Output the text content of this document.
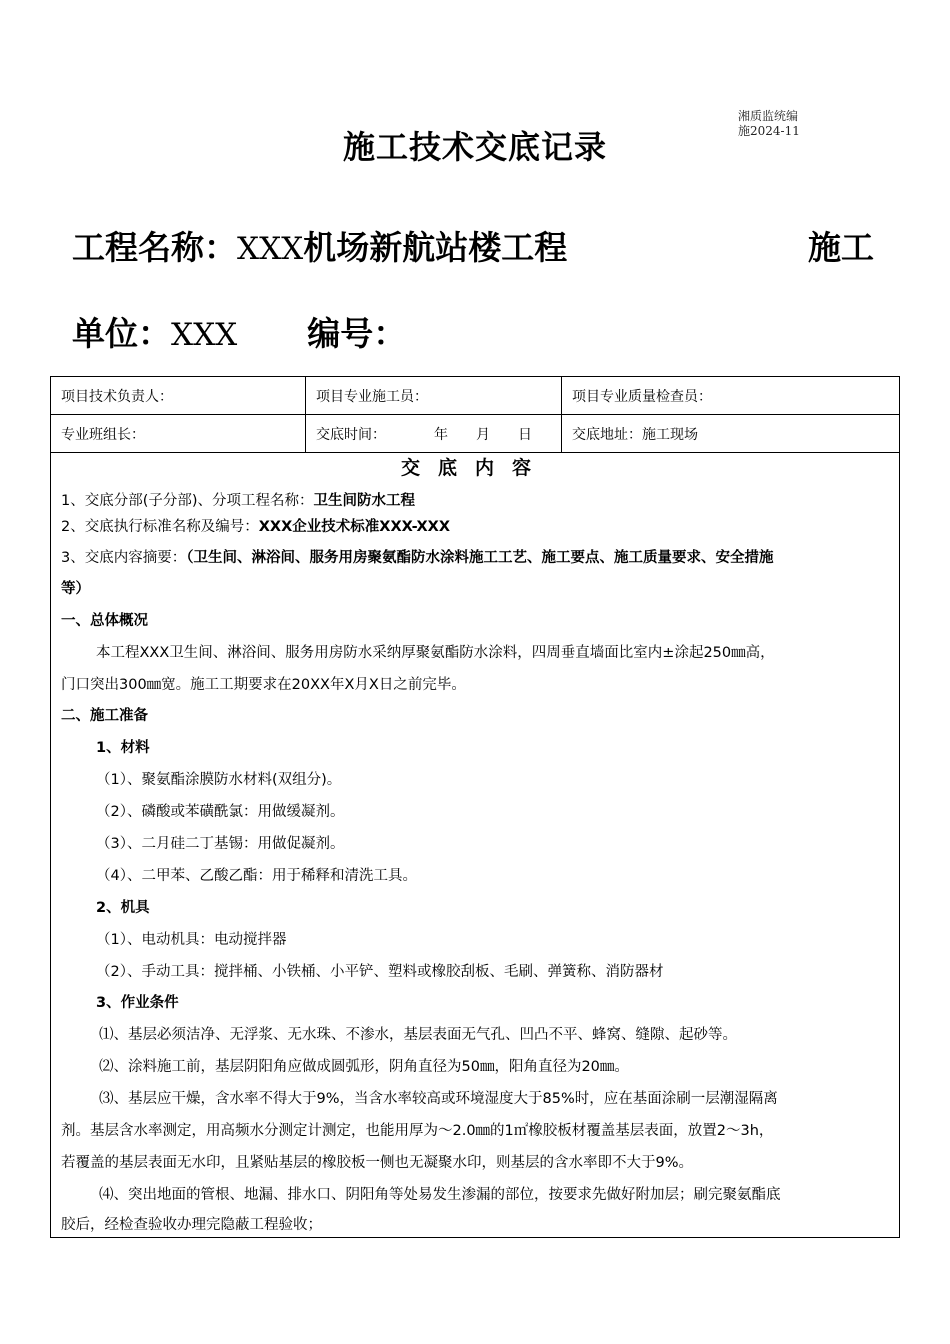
湘质监统编
施2024-11
施工技术交底记录
工程名称：XXX机场新航站楼工程	施工
单位：XXX 编号：
项目技术负责人：	项目专业施工员：	项目专业质量检查员：
专业班组长：	交底时间： 年 月 日	交底地址：施工现场
交底内容
1、交底分部(子分部)、分项工程名称：卫生间防水工程
2、交底执行标准名称及编号：XXX企业技术标准XXX-XXX
3、交底内容摘要：（卫生间、淋浴间、服务用房聚氨酯防水涂料施工工艺、施工要点、施工质量要求、安全措施
等）
一、总体概况
本工程XXX卫生间、淋浴间、服务用房防水采纳厚聚氨酯防水涂料，四周垂直墙面比室内±涂起250㎜高，
门口突出300㎜宽。施工工期要求在20XX年X月X日之前完毕。
二、施工准备
1、材料
（1）、聚氨酯涂膜防水材料(双组分)。
（2）、磷酸或苯磺酰氯：用做缓凝剂。
（3）、二月硅二丁基锡：用做促凝剂。
（4）、二甲苯、乙酸乙酯：用于稀释和清洗工具。
2、机具
（1）、电动机具：电动搅拌器
（2）、手动工具：搅拌桶、小铁桶、小平铲、塑料或橡胶刮板、毛刷、弹簧称、消防器材
3、作业条件
⑴、基层必须洁净、无浮浆、无水珠、不渗水，基层表面无气孔、凹凸不平、蜂窝、缝隙、起砂等。
⑵、涂料施工前，基层阴阳角应做成圆弧形，阴角直径为50㎜，阳角直径为20㎜。
⑶、基层应干燥，含水率不得大于9%，当含水率较高或环境湿度大于85%时，应在基面涂刷一层潮湿隔离
剂。基层含水率测定，用高频水分测定计测定，也能用厚为～2.0㎜的1㎡橡胶板材覆盖基层表面，放置2～3h，
若覆盖的基层表面无水印，且紧贴基层的橡胶板一侧也无凝聚水印，则基层的含水率即不大于9%。
⑷、突出地面的管根、地漏、排水口、阴阳角等处易发生渗漏的部位，按要求先做好附加层；刷完聚氨酯底
胶后，经检查验收办理完隐蔽工程验收；
